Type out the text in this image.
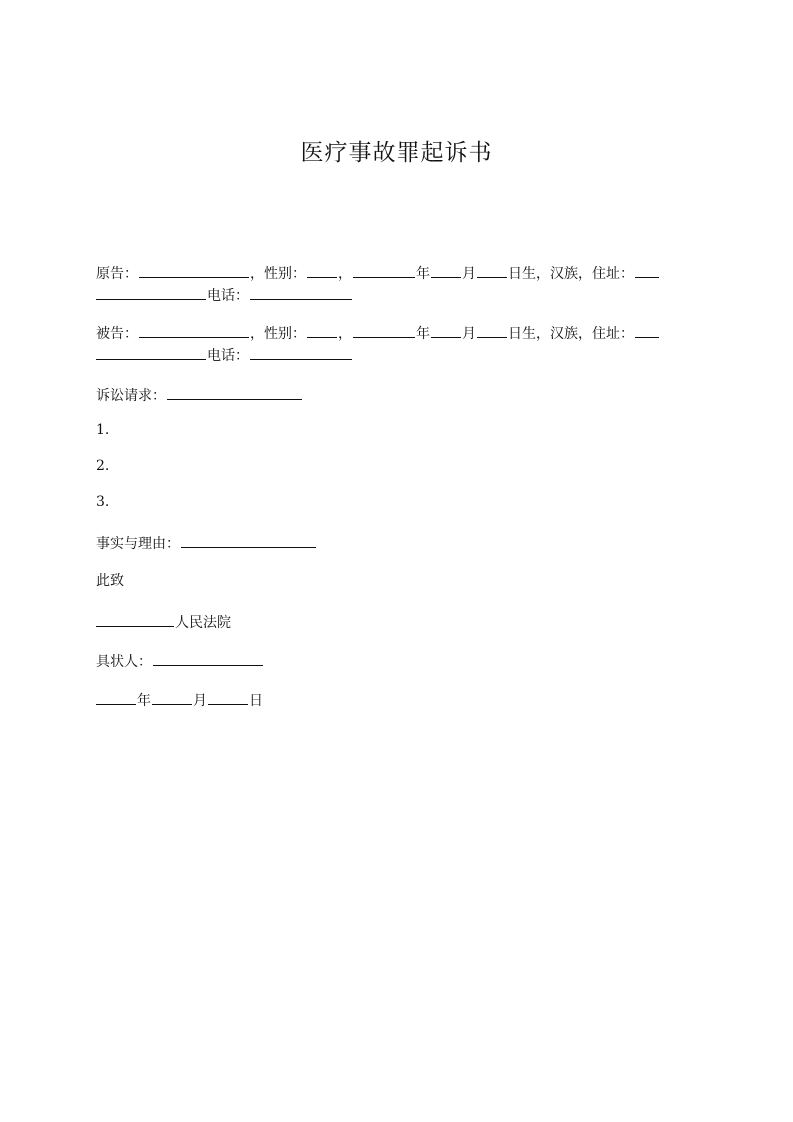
医疗事故罪起诉书
原告：	，性别： ，	年 月 日生，汉族，住址：
电话：
被告：	，性别： ，	年 月 日生，汉族，住址：
电话：
诉讼请求：
1.
2.
3.
事实与理由：
此致
人民法院
具状人：
年	月	日
